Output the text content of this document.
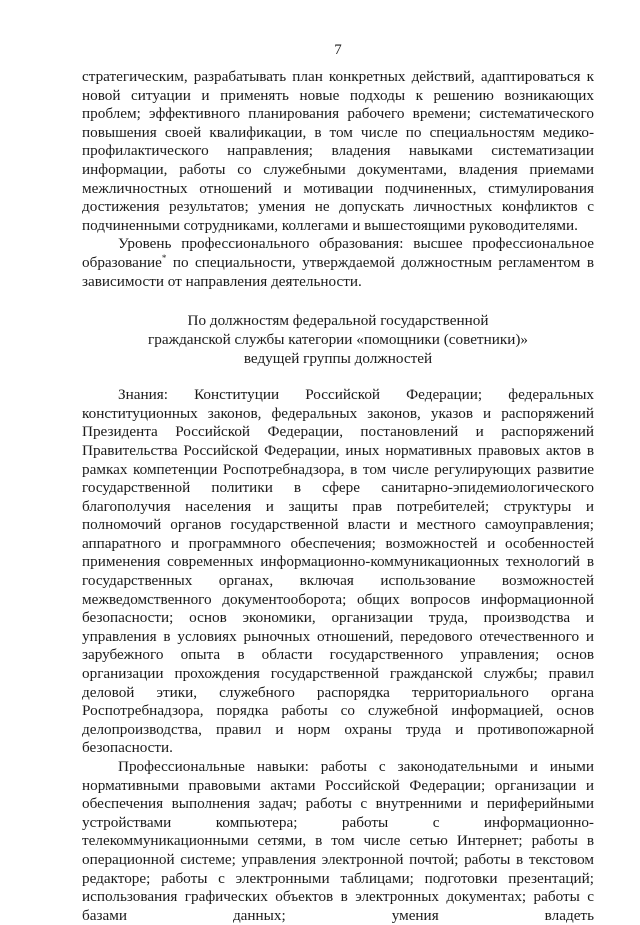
7

стратегическим, разрабатывать план конкретных действий, адаптироваться к новой ситуации и применять новые подходы к решению возникающих проблем; эффективного планирования рабочего времени; систематического повышения своей квалификации, в том числе по специальностям медико-профилактического направления; владения навыками систематизации информации, работы со служебными документами, владения приемами межличностных отношений и мотивации подчиненных, стимулирования достижения результатов; умения не допускать личностных конфликтов с подчиненными сотрудниками, коллегами и вышестоящими руководителями.

Уровень профессионального образования: высшее профессиональное образование* по специальности, утверждаемой должностным регламентом в зависимости от направления деятельности.

По должностям федеральной государственной
гражданской службы категории «помощники (советники)»
ведущей группы должностей

Знания: Конституции Российской Федерации; федеральных конституционных законов, федеральных законов, указов и распоряжений Президента Российской Федерации, постановлений и распоряжений Правительства Российской Федерации, иных нормативных правовых актов в рамках компетенции Роспотребнадзора, в том числе регулирующих развитие государственной политики в сфере санитарно-эпидемиологического благополучия населения и защиты прав потребителей; структуры и полномочий органов государственной власти и местного самоуправления; аппаратного и программного обеспечения; возможностей и особенностей применения современных информационно-коммуникационных технологий в государственных органах, включая использование возможностей межведомственного документооборота; общих вопросов информационной безопасности; основ экономики, организации труда, производства и управления в условиях рыночных отношений, передового отечественного и зарубежного опыта в области государственного управления; основ организации прохождения государственной гражданской службы; правил деловой этики, служебного распорядка территориального органа Роспотребнадзора, порядка работы со служебной информацией, основ делопроизводства, правил и норм охраны труда и противопожарной безопасности.

Профессиональные навыки: работы с законодательными и иными нормативными правовыми актами Российской Федерации; организации и обеспечения выполнения задач; работы с внутренними и периферийными устройствами компьютера; работы с информационно-телекоммуникационными сетями, в том числе сетью Интернет; работы в операционной системе; управления электронной почтой; работы в текстовом редакторе; работы с электронными таблицами; подготовки презентаций; использования графических объектов в электронных документах; работы с базами данных; умения владеть
